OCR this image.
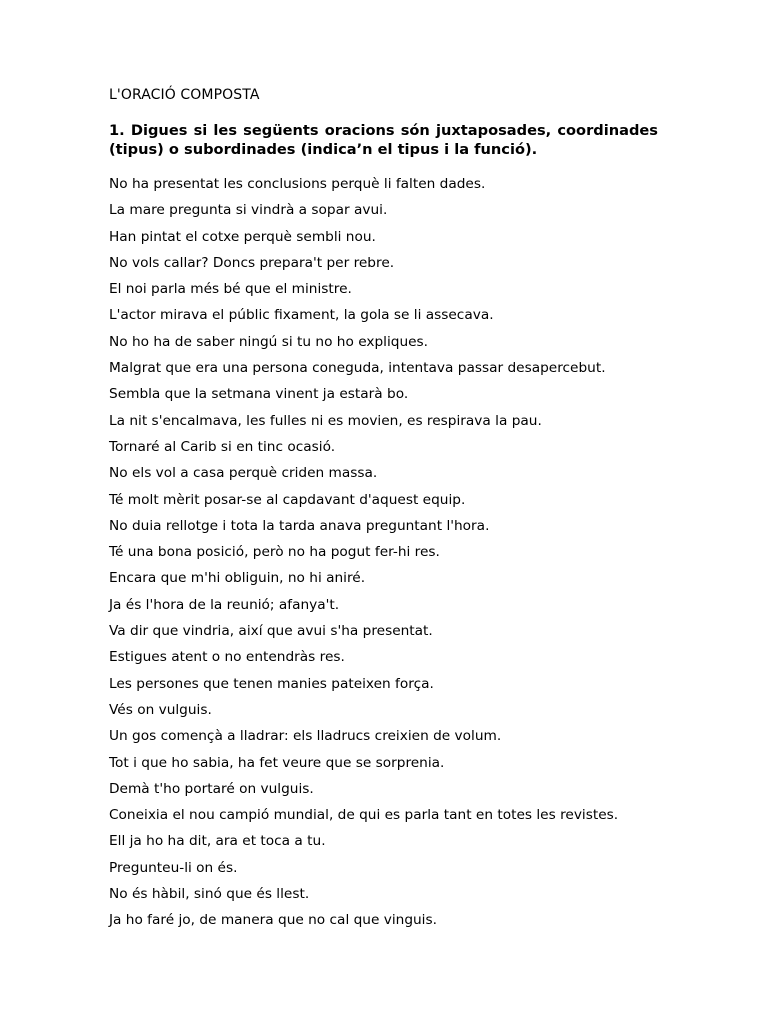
L'ORACIÓ COMPOSTA
1. Digues si les següents oracions són juxtaposades, coordinades (tipus) o subordinades (indica’n el tipus i la funció).
No ha presentat les conclusions perquè li falten dades.
La mare pregunta si vindrà a sopar avui.
Han pintat el cotxe perquè sembli nou.
No vols callar? Doncs prepara't per rebre.
El noi parla més bé que el ministre.
L'actor mirava el públic fixament, la gola se li assecava.
No ho ha de saber ningú si tu no ho expliques.
Malgrat que era una persona coneguda, intentava passar desapercebut.
Sembla que la setmana vinent ja estarà bo.
La nit s'encalmava, les fulles ni es movien, es respirava la pau.
Tornaré al Carib si en tinc ocasió.
No els vol a casa perquè criden massa.
Té molt mèrit posar-se al capdavant d'aquest equip.
No duia rellotge i tota la tarda anava preguntant l'hora.
Té una bona posició, però no ha pogut fer-hi res.
Encara que m'hi obliguin, no hi aniré.
Ja és l'hora de la reunió; afanya't.
Va dir que vindria, així que avui s'ha presentat.
Estigues atent o no entendràs res.
Les persones que tenen manies pateixen força.
Vés on vulguis.
Un gos començà a lladrar: els lladrucs creixien de volum.
Tot i que ho sabia, ha fet veure que se sorprenia.
Demà t'ho portaré on vulguis.
Coneixia el nou campió mundial, de qui es parla tant en totes les revistes.
Ell ja ho ha dit, ara et toca a tu.
Pregunteu-li on és.
No és hàbil, sinó que és llest.
Ja ho faré jo, de manera que no cal que vinguis.
